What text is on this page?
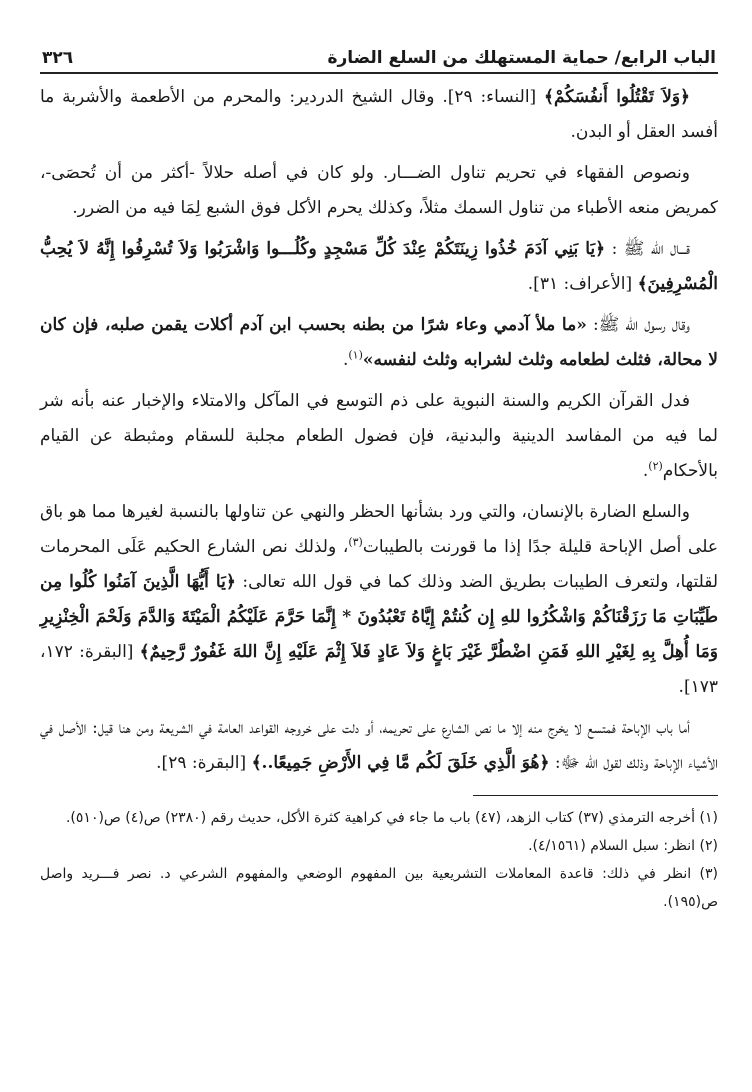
الباب الرابع/ حماية المستهلك من السلع الضارة
٣٢٦

﴿وَلاَ تَقْتُلُوا أَنفُسَكُمْ﴾ [النساء: ٢٩]. وقال الشيخ الدردير: والمحرم من الأطعمة والأشربة ما أفسد العقل أو البدن.

ونصوص الفقهاء في تحريم تناول الضـــار. ولو كان في أصله حلالاً -أكثر من أن تُحصَى-، كمريض منعه الأطباء من تناول السمك مثلاً، وكذلك يحرم الأكل فوق الشبع لِمَا فيه من الضرر.

قـــال الله ﷺ : ﴿يَا بَنِي آدَمَ خُذُوا زِينَتَكُمْ عِنْدَ كُلِّ مَسْجِدٍ وكُلُـــوا وَاشْرَبُوا وَلاَ تُسْرِفُوا إِنَّهُ لاَ يُحِبُّ الْمُسْرِفِينَ﴾ [الأعراف: ٣١].

وقال رسول الله ﷺ: «ما ملأ آدمي وعاء شرًا من بطنه بحسب ابن آدم أكلات يقمن صلبه، فإن كان لا محالة، فثلث لطعامه وثلث لشرابه وثلث لنفسه»$^{(١)}$.

فدل القرآن الكريم والسنة النبوية على ذم التوسع في المآكل والامتلاء والإخبار عنه بأنه شر لما فيه من المفاسد الدينية والبدنية، فإن فضول الطعام مجلبة للسقام ومثبطة عن القيام بالأحكام$^{(٢)}$.

والسلع الضارة بالإنسان، والتي ورد بشأنها الحظر والنهي عن تناولها بالنسبة لغيرها مما هو باق على أصل الإباحة قليلة جدًا إذا ما قورنت بالطيبات$^{(٣)}$، ولذلك نص الشارع الحكيم عَلَى المحرمات لقلتها، ولتعرف الطيبات بطريق الضد وذلك كما في قول الله تعالى: ﴿يَا أَيُّهَا الَّذِينَ آمَنُوا كُلُوا مِن طَيِّبَاتِ مَا رَزَقْنَاكُمْ وَاشْكُرُوا للهِ إِن كُنتُمْ إِيَّاهُ تَعْبُدُونَ * إِنَّمَا حَرَّمَ عَلَيْكُمُ الْمَيْتَةَ وَالدَّمَ وَلَحْمَ الْخِنْزِيرِ وَمَا أُهِلَّ بِهِ لِغَيْرِ اللهِ فَمَنِ اضْطُرَّ غَيْرَ بَاغٍ وَلاَ عَادٍ فَلاَ إِثْمَ عَلَيْهِ إِنَّ اللهَ غَفُورٌ رَّحِيمٌ﴾ [البقرة: ١٧٢، ١٧٣].

أما باب الإباحة فمتسع لا يخرج منه إلا ما نص الشارع على تحريمه، أو دلت على خروجه القواعد العامة في الشريعة ومن هنا قيل: الأصل في الأشياء الإباحة وذلك لقول الله ﷻ: ﴿هُوَ الَّذِي خَلَقَ لَكُم مَّا فِي الأَرْضِ جَمِيعًا..﴾ [البقرة: ٢٩].

(١) أخرجه الترمذي (٣٧) كتاب الزهد، (٤٧) باب ما جاء في كراهية كثرة الأكل، حديث رقم (٢٣٨٠) ص(٤) ص(٥١٠).

(٢) انظر: سبل السلام (٤/١٥٦١).

(٣) انظر في ذلك: قاعدة المعاملات التشريعية بين المفهوم الوضعي والمفهوم الشرعي د. نصر فـــريد واصل ص(١٩٥).
